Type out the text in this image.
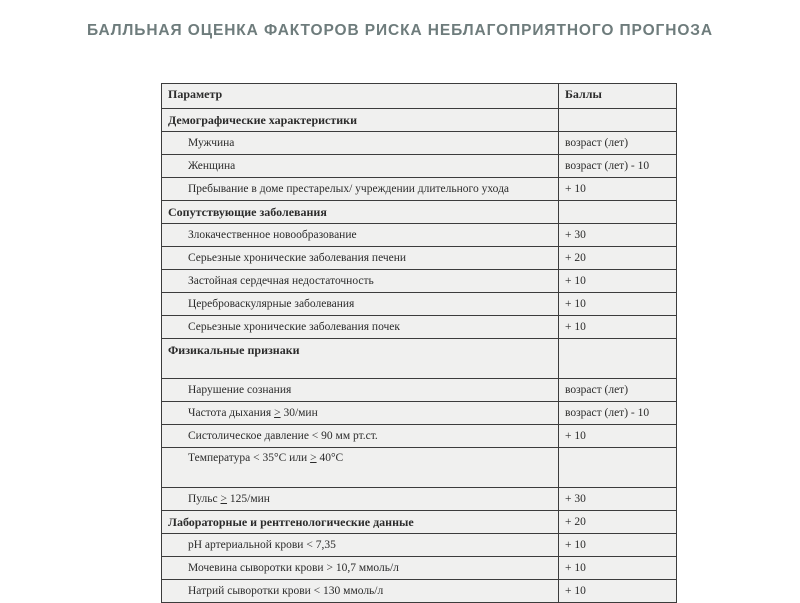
БАЛЛЬНАЯ ОЦЕНКА ФАКТОРОВ РИСКА НЕБЛАГОПРИЯТНОГО ПРОГНОЗА
Параметр	Баллы
Демографические характеристики	
Мужчина	возраст (лет)
Женщина	возраст (лет) - 10
Пребывание в доме престарелых/ учреждении длительного ухода	+ 10
Сопутствующие заболевания	
Злокачественное новообразование	+ 30
Серьезные хронические заболевания печени	+ 20
Застойная сердечная недостаточность	+ 10
Цереброваскулярные заболевания	+ 10
Серьезные хронические заболевания почек	+ 10
Физикальные признаки	
Нарушение сознания	возраст (лет)
Частота дыхания > 30/мин	возраст (лет) - 10
Систолическое давление < 90 мм рт.ст.	+ 10
Температура < 35°С или > 40°С	
Пульс > 125/мин	+ 30
Лабораторные и рентгенологические данные	+ 20
pH артериальной крови < 7,35	+ 10
Мочевина сыворотки крови > 10,7 ммоль/л	+ 10
Натрий сыворотки крови < 130 ммоль/л	+ 10
